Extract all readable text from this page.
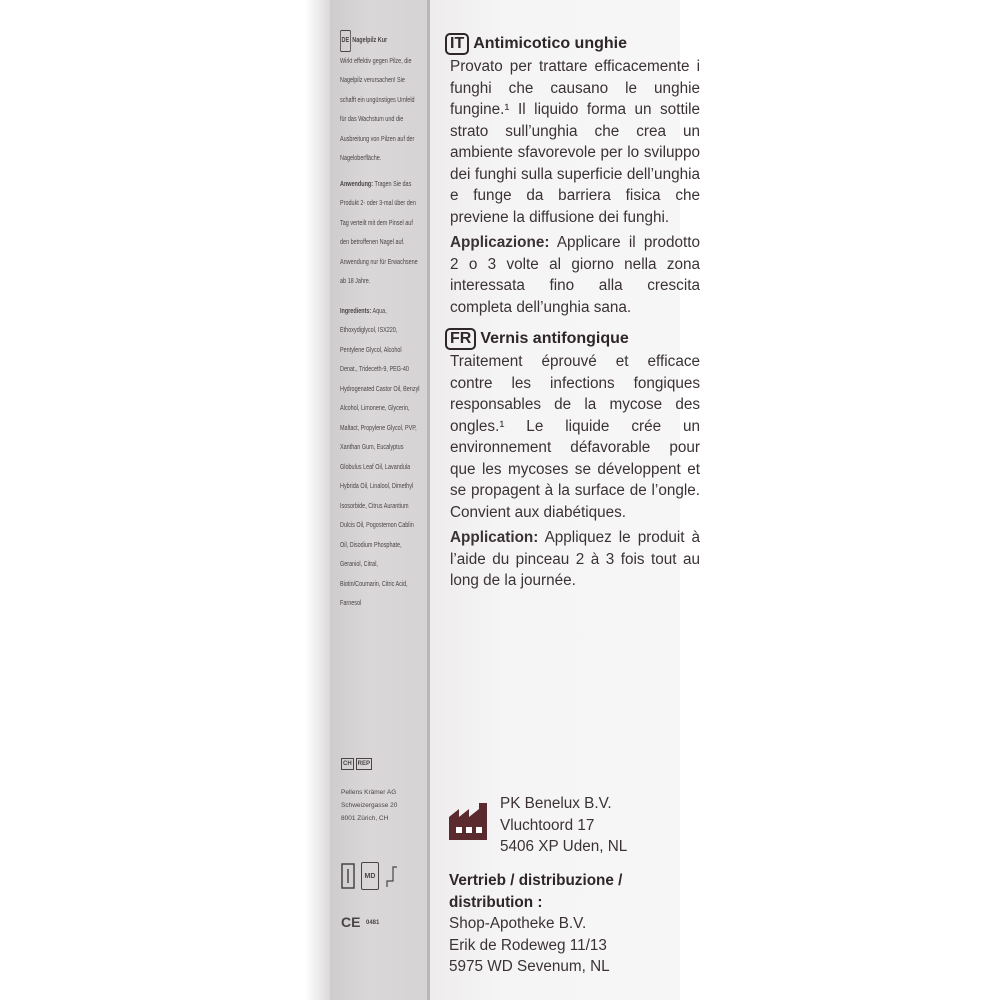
DE Nagelpilz Kur
Wirkt effektiv gegen Pilze, die Nagelpilz verursachen! Sie schafft ein ungünstiges Umfeld für das Wachstum und die Ausbreitung von Pilzen auf der Nageloberfläche.
Anwendung: Tragen Sie das Produkt 2- oder 3-mal über den Tag verteilt mit dem Pinsel auf den betroffenen Nagel auf. Anwendung nur für Erwachsene ab 18 Jahre.
Ingredients: Aqua, Ethoxydiglycol, ISX220, Pentylene Glycol, Alcohol Denat., Trideceth-9, PEG-40 Hydrogenated Castor Oil, Benzyl Alcohol, Limonene, Glycerin, Maltact, Propylene Glycol, PVP, Xanthan Gum, Eucalyptus Globulus Leaf Oil, Lavandula Hybrida Oil, Linalool, Dimethyl Isosorbide, Citrus Aurantium Dulcis Oil, Pogostemon Cablin Oil, Disodium Phosphate, Geraniol, Citral, Biotin/Coumarin, Citric Acid, Farnesol
CH	REP
Pellens Krämer AG Schweizergasse 20 8001 Zürich, CH
MD
CE 0481
IT Antimicotico unghie
Provato per trattare efficacemente i funghi che causano le unghie fungine.¹ Il liquido forma un sottile strato sull’unghia che crea un ambiente sfavorevole per lo sviluppo dei funghi sulla superficie dell’unghia e funge da barriera fisica che previene la diffusione dei funghi.
Applicazione: Applicare il prodotto 2 o 3 volte al giorno nella zona interessata fino alla crescita completa dell’unghia sana.
FR Vernis antifongique
Traitement éprouvé et efficace contre les infections fongiques responsables de la mycose des ongles.¹ Le liquide crée un environnement défavorable pour que les mycoses se développent et se propagent à la surface de l’ongle. Convient aux diabétiques.
Application: Appliquez le produit à l’aide du pinceau 2 à 3 fois tout au long de la journée.
PK Benelux B.V.
Vluchtoord 17
5406 XP Uden, NL
Vertrieb / distribuzione / distribution :
Shop-Apotheke B.V.
Erik de Rodeweg 11/13
5975 WD Sevenum, NL
